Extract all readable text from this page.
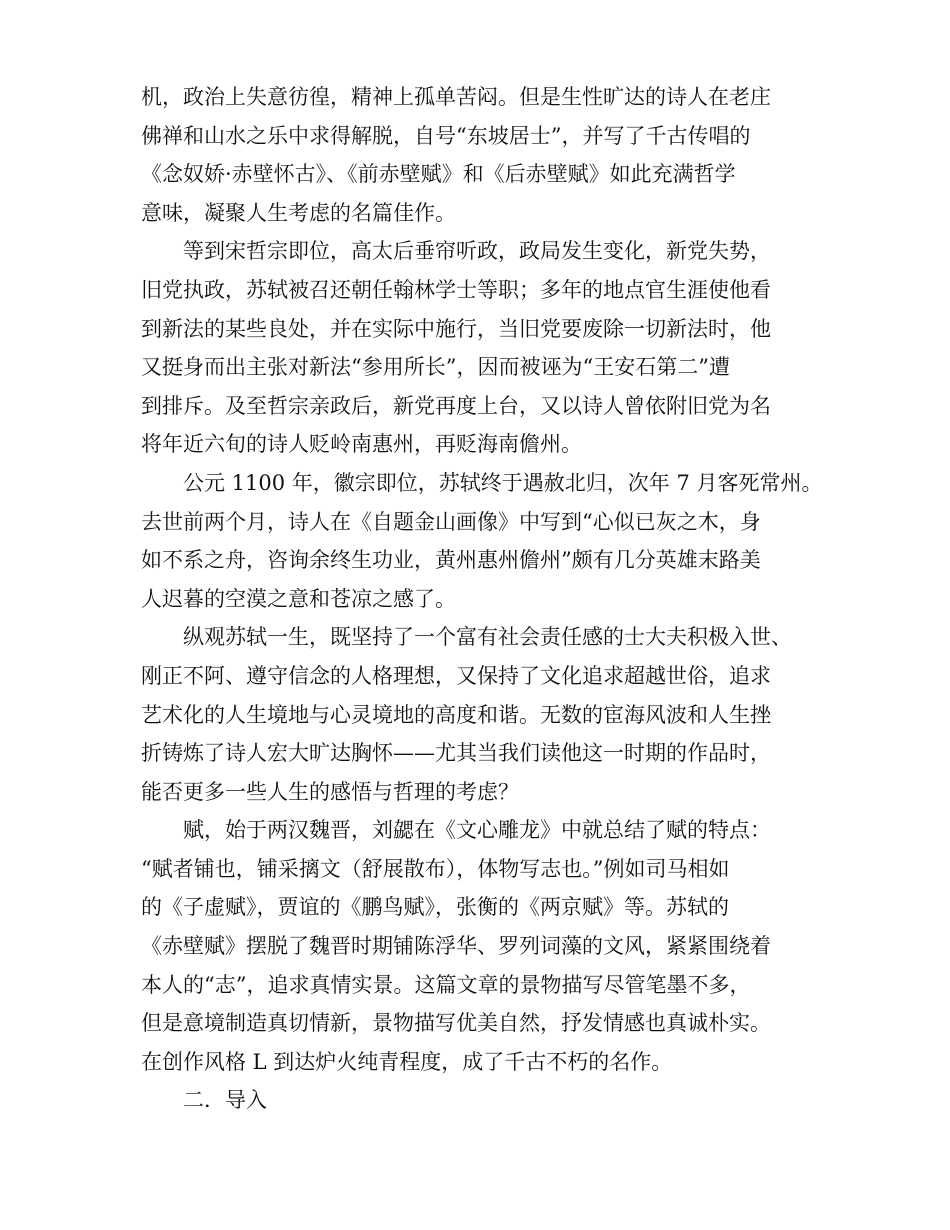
机，政治上失意彷徨，精神上孤单苦闷。但是生性旷达的诗人在老庄
佛禅和山水之乐中求得解脱，自号“东坡居士”，并写了千古传唱的
《念奴娇·赤壁怀古》、《前赤壁赋》和《后赤壁赋》如此充满哲学
意味，凝聚人生考虑的名篇佳作。
等到宋哲宗即位，高太后垂帘听政，政局发生变化，新党失势，
旧党执政，苏轼被召还朝任翰林学士等职；多年的地点官生涯使他看
到新法的某些良处，并在实际中施行，当旧党要废除一切新法时，他
又挺身而出主张对新法“参用所长”，因而被诬为“王安石第二”遭
到排斥。及至哲宗亲政后，新党再度上台，又以诗人曾依附旧党为名
将年近六旬的诗人贬岭南惠州，再贬海南儋州。
公元 1100 年，徽宗即位，苏轼终于遇赦北归，次年 7 月客死常州。
去世前两个月，诗人在《自题金山画像》中写到“心似已灰之木，身
如不系之舟，咨询余终生功业，黄州惠州儋州”颇有几分英雄末路美
人迟暮的空漠之意和苍凉之感了。
纵观苏轼一生，既坚持了一个富有社会责任感的士大夫积极入世、
刚正不阿、遵守信念的人格理想，又保持了文化追求超越世俗，追求
艺术化的人生境地与心灵境地的高度和谐。无数的宦海风波和人生挫
折铸炼了诗人宏大旷达胸怀——尤其当我们读他这一时期的作品时，
能否更多一些人生的感悟与哲理的考虑？
赋，始于两汉魏晋，刘勰在《文心雕龙》中就总结了赋的特点：
“赋者铺也，铺采摛文（舒展散布），体物写志也。”例如司马相如
的《子虚赋》，贾谊的《鹏鸟赋》，张衡的《两京赋》等。苏轼的
《赤壁赋》摆脱了魏晋时期铺陈浮华、罗列词藻的文风，紧紧围绕着
本人的“志”，追求真情实景。这篇文章的景物描写尽管笔墨不多，
但是意境制造真切情新，景物描写优美自然，抒发情感也真诚朴实。
在创作风格 L 到达炉火纯青程度，成了千古不朽的名作。
二．导入
